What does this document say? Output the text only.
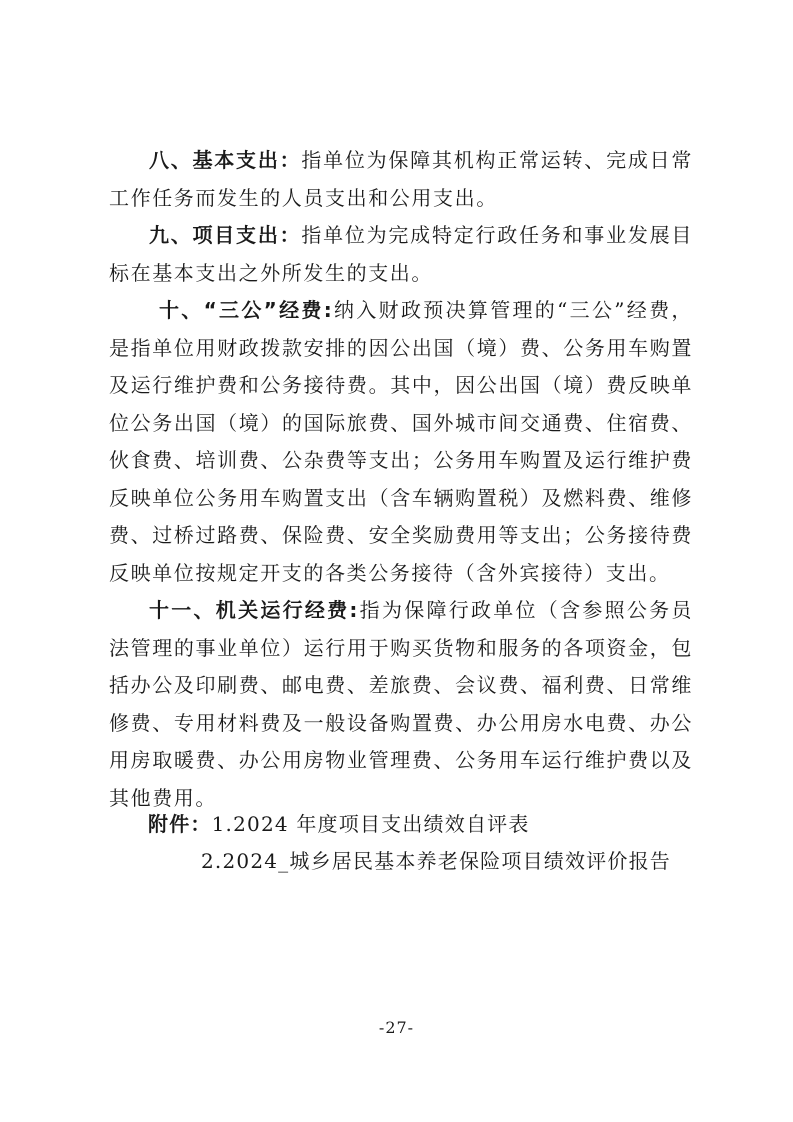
八、基本支出：指单位为保障其机构正常运转、完成日常工作任务而发生的人员支出和公用支出。

九、项目支出：指单位为完成特定行政任务和事业发展目标在基本支出之外所发生的支出。

十、“三公”经费:纳入财政预决算管理的“三公”经费，是指单位用财政拨款安排的因公出国（境）费、公务用车购置及运行维护费和公务接待费。其中，因公出国（境）费反映单位公务出国（境）的国际旅费、国外城市间交通费、住宿费、伙食费、培训费、公杂费等支出；公务用车购置及运行维护费反映单位公务用车购置支出（含车辆购置税）及燃料费、维修费、过桥过路费、保险费、安全奖励费用等支出；公务接待费反映单位按规定开支的各类公务接待（含外宾接待）支出。

十一、机关运行经费:指为保障行政单位（含参照公务员法管理的事业单位）运行用于购买货物和服务的各项资金，包括办公及印刷费、邮电费、差旅费、会议费、福利费、日常维修费、专用材料费及一般设备购置费、办公用房水电费、办公用房取暖费、办公用房物业管理费、公务用车运行维护费以及其他费用。

附件：1.2024 年度项目支出绩效自评表
2.2024_城乡居民基本养老保险项目绩效评价报告
-27-
